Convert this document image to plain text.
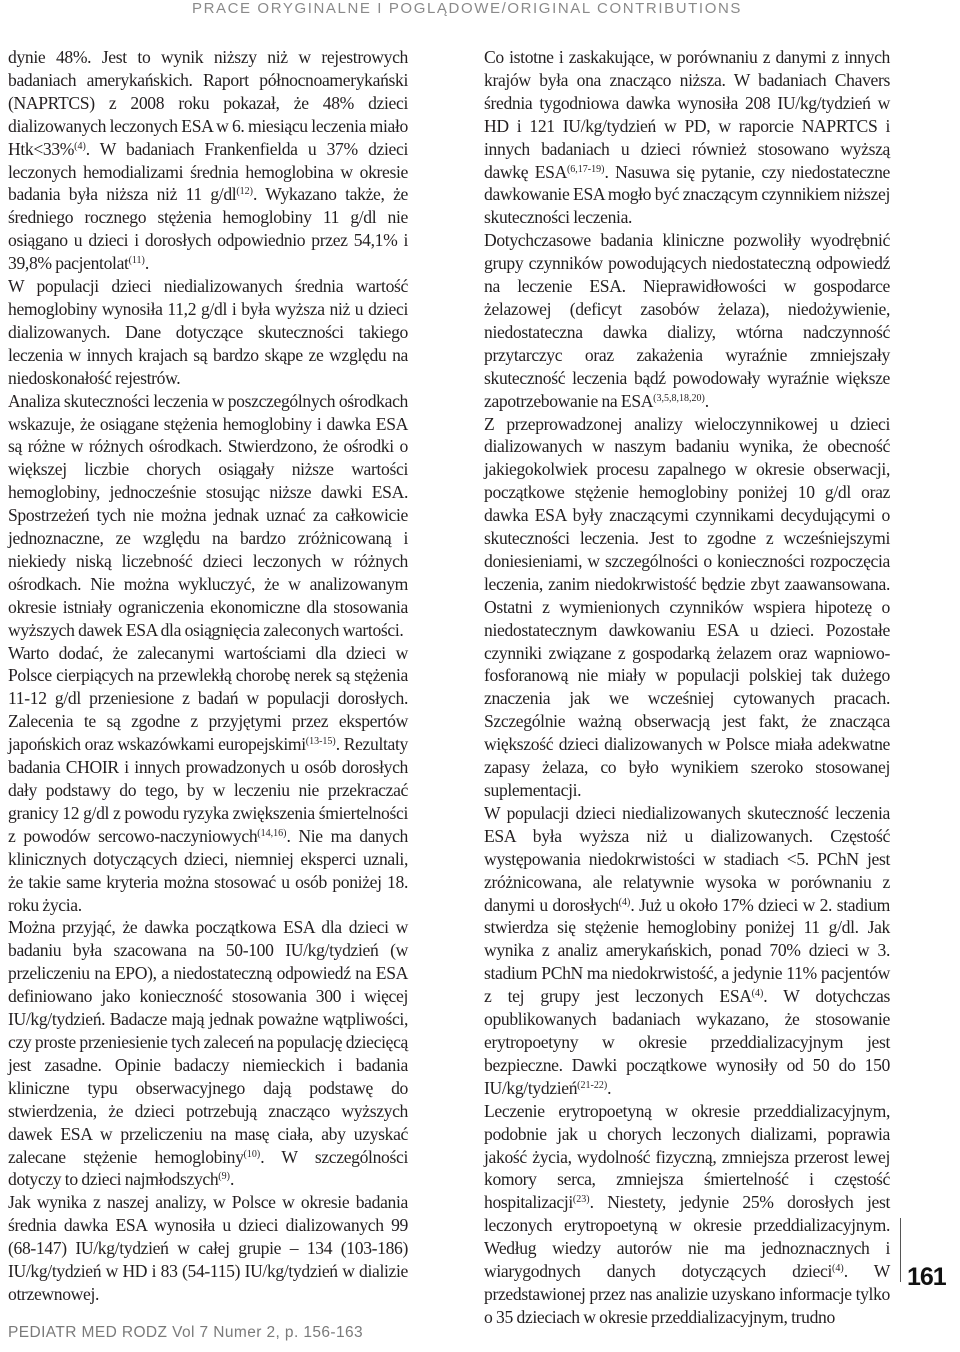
PRACE ORYGINALNE I POGLĄDOWE/ORIGINAL CONTRIBUTIONS

dynie 48%. Jest to wynik niższy niż w rejestrowych badaniach amerykańskich. Raport północnoamerykański (NAPRTCS) z 2008 roku pokazał, że 48% dzieci dializowanych leczonych ESA w 6. miesiącu leczenia miało Htk<33%$^{(4)}$. W badaniach Frankenfielda u 37% dzieci leczonych hemodializami średnia hemoglobina w okresie badania była niższa niż 11 $g/dl^{(12)}$. Wykazano także, że średniego rocznego stężenia hemoglobiny 11 g/dl nie osiągano u dzieci i dorosłych odpowiednio przez 54,1% i 39,8% pacjentolat$^{(11)}$.

W populacji dzieci niedializowanych średnia wartość hemoglobiny wynosiła 11,2 g/dl i była wyższa niż u dzieci dializowanych. Dane dotyczące skuteczności takiego leczenia w innych krajach są bardzo skąpe ze względu na niedoskonałość rejestrów.

Analiza skuteczności leczenia w poszczególnych ośrodkach wskazuje, że osiągane stężenia hemoglobiny i dawka ESA są różne w różnych ośrodkach. Stwierdzono, że ośrodki o większej liczbie chorych osiągały niższe wartości hemoglobiny, jednocześnie stosując niższe dawki ESA. Spostrzeżeń tych nie można jednak uznać za całkowicie jednoznaczne, ze względu na bardzo zróżnicowaną i niekiedy niską liczebność dzieci leczonych w różnych ośrodkach. Nie można wykluczyć, że w analizowanym okresie istniały ograniczenia ekonomiczne dla stosowania wyższych dawek ESA dla osiągnięcia zaleconych wartości.

Warto dodać, że zalecanymi wartościami dla dzieci w Polsce cierpiących na przewlekłą chorobę nerek są stężenia 11-12 g/dl przeniesione z badań w populacji dorosłych. Zalecenia te są zgodne z przyjętymi przez ekspertów japońskich oraz wskazówkami europejskimi$^{(13-15)}$. Rezultaty badania CHOIR i innych prowadzonych u osób dorosłych dały podstawy do tego, by w leczeniu nie przekraczać granicy 12 g/dl z powodu ryzyka zwiększenia śmiertelności z powodów sercowo-naczyniowych$^{(14,16)}$. Nie ma danych klinicznych dotyczących dzieci, niemniej eksperci uznali, że takie same kryteria można stosować u osób poniżej 18. roku życia.

Można przyjąć, że dawka początkowa ESA dla dzieci w badaniu była szacowana na 50-100 IU/kg/tydzień (w przeliczeniu na EPO), a niedostateczną odpowiedź na ESA definiowano jako konieczność stosowania 300 i więcej IU/kg/tydzień. Badacze mają jednak poważne wątpliwości, czy proste przeniesienie tych zaleceń na populację dziecięcą jest zasadne. Opinie badaczy niemieckich i badania kliniczne typu obserwacyjnego dają podstawę do stwierdzenia, że dzieci potrzebują znacząco wyższych dawek ESA w przeliczeniu na masę ciała, aby uzyskać zalecane stężenie hemoglobiny$^{(10)}$. W szczególności dotyczy to dzieci najmłodszych$^{(9)}$.

Jak wynika z naszej analizy, w Polsce w okresie badania średnia dawka ESA wynosiła u dzieci dializowanych 99 (68-147) IU/kg/tydzień w całej grupie – 134 (103-186) IU/kg/tydzień w HD i 83 (54-115) IU/kg/tydzień w dializie otrzewnowej.

Co istotne i zaskakujące, w porównaniu z danymi z innych krajów była ona znacząco niższa. W badaniach Chavers średnia tygodniowa dawka wynosiła 208 IU/kg/tydzień w HD i 121 IU/kg/tydzień w PD, w raporcie NAPRTCS i innych badaniach u dzieci również stosowano wyższą dawkę ESA$^{(6,17-19)}$. Nasuwa się pytanie, czy niedostateczne dawkowanie ESA mogło być znaczącym czynnikiem niższej skuteczności leczenia.

Dotychczasowe badania kliniczne pozwoliły wyodrębnić grupy czynników powodujących niedostateczną odpowiedź na leczenie ESA. Nieprawidłowości w gospodarce żelazowej (deficyt zasobów żelaza), niedożywienie, niedostateczna dawka dializy, wtórna nadczynność przytarczyc oraz zakażenia wyraźnie zmniejszały skuteczność leczenia bądź powodowały wyraźnie większe zapotrzebowanie na ESA$^{(3,5,8,18,20)}$.

Z przeprowadzonej analizy wieloczynnikowej u dzieci dializowanych w naszym badaniu wynika, że obecność jakiegokolwiek procesu zapalnego w okresie obserwacji, początkowe stężenie hemoglobiny poniżej 10 g/dl oraz dawka ESA były znaczącymi czynnikami decydującymi o skuteczności leczenia. Jest to zgodne z wcześniejszymi doniesieniami, w szczególności o konieczności rozpoczęcia leczenia, zanim niedokrwistość będzie zbyt zaawansowana. Ostatni z wymienionych czynników wspiera hipotezę o niedostatecznym dawkowaniu ESA u dzieci. Pozostałe czynniki związane z gospodarką żelazem oraz wapniowo-fosforanową nie miały w populacji polskiej tak dużego znaczenia jak we wcześniej cytowanych pracach. Szczególnie ważną obserwacją jest fakt, że znacząca większość dzieci dializowanych w Polsce miała adekwatne zapasy żelaza, co było wynikiem szeroko stosowanej suplementacji.

W populacji dzieci niedializowanych skuteczność leczenia ESA była wyższa niż u dializowanych. Częstość występowania niedokrwistości w stadiach <5. PChN jest zróżnicowana, ale relatywnie wysoka w porównaniu z danymi u dorosłych$^{(4)}$. Już u około 17% dzieci w 2. stadium stwierdza się stężenie hemoglobiny poniżej 11 g/dl. Jak wynika z analiz amerykańskich, ponad 70% dzieci w 3. stadium PChN ma niedokrwistość, a jedynie 11% pacjentów z tej grupy jest leczonych ESA$^{(4)}$. W dotychczas opublikowanych badaniach wykazano, że stosowanie erytropoetyny w okresie przeddializacyjnym jest bezpieczne. Dawki początkowe wynosiły od 50 do 150 IU/kg/tydzień$^{(21-22)}$.

Leczenie erytropoetyną w okresie przeddializacyjnym, podobnie jak u chorych leczonych dializami, poprawia jakość życia, wydolność fizyczną, zmniejsza przerost lewej komory serca, zmniejsza śmiertelność i częstość hospitalizacji$^{(23)}$. Niestety, jedynie 25% dorosłych jest leczonych erytropoetyną w okresie przeddializacyjnym. Według wiedzy autorów nie ma jednoznacznych i wiarygodnych danych dotyczących dzieci$^{(4)}$. W przedstawionej przez nas analizie uzyskano informacje tylko o 35 dzieciach w okresie przeddializacyjnym, trudno

161
PEDIATR MED RODZ Vol 7 Numer 2, p. 156-163
